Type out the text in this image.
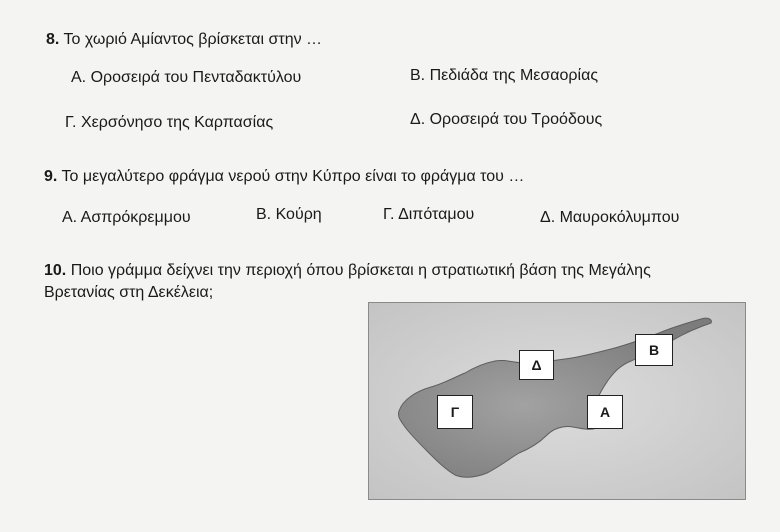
8. Το χωριό Αμίαντος βρίσκεται στην …
Α. Οροσειρά του Πενταδακτύλου	Β. Πεδιάδα της Μεσαορίας
Γ. Χερσόνησο της Καρπασίας	Δ. Οροσειρά του Τροόδους
9. Το μεγαλύτερο φράγμα νερού στην Κύπρο είναι το φράγμα του …
Α. Ασπρόκρεμμου	Β. Κούρη	Γ. Διπόταμου	Δ. Μαυροκόλυμπου
10. Ποιο γράμμα δείχνει την περιοχή όπου βρίσκεται η στρατιωτική βάση της Μεγάλης
Βρετανίας στη Δεκέλεια;
Δ
Β
Γ	Α
